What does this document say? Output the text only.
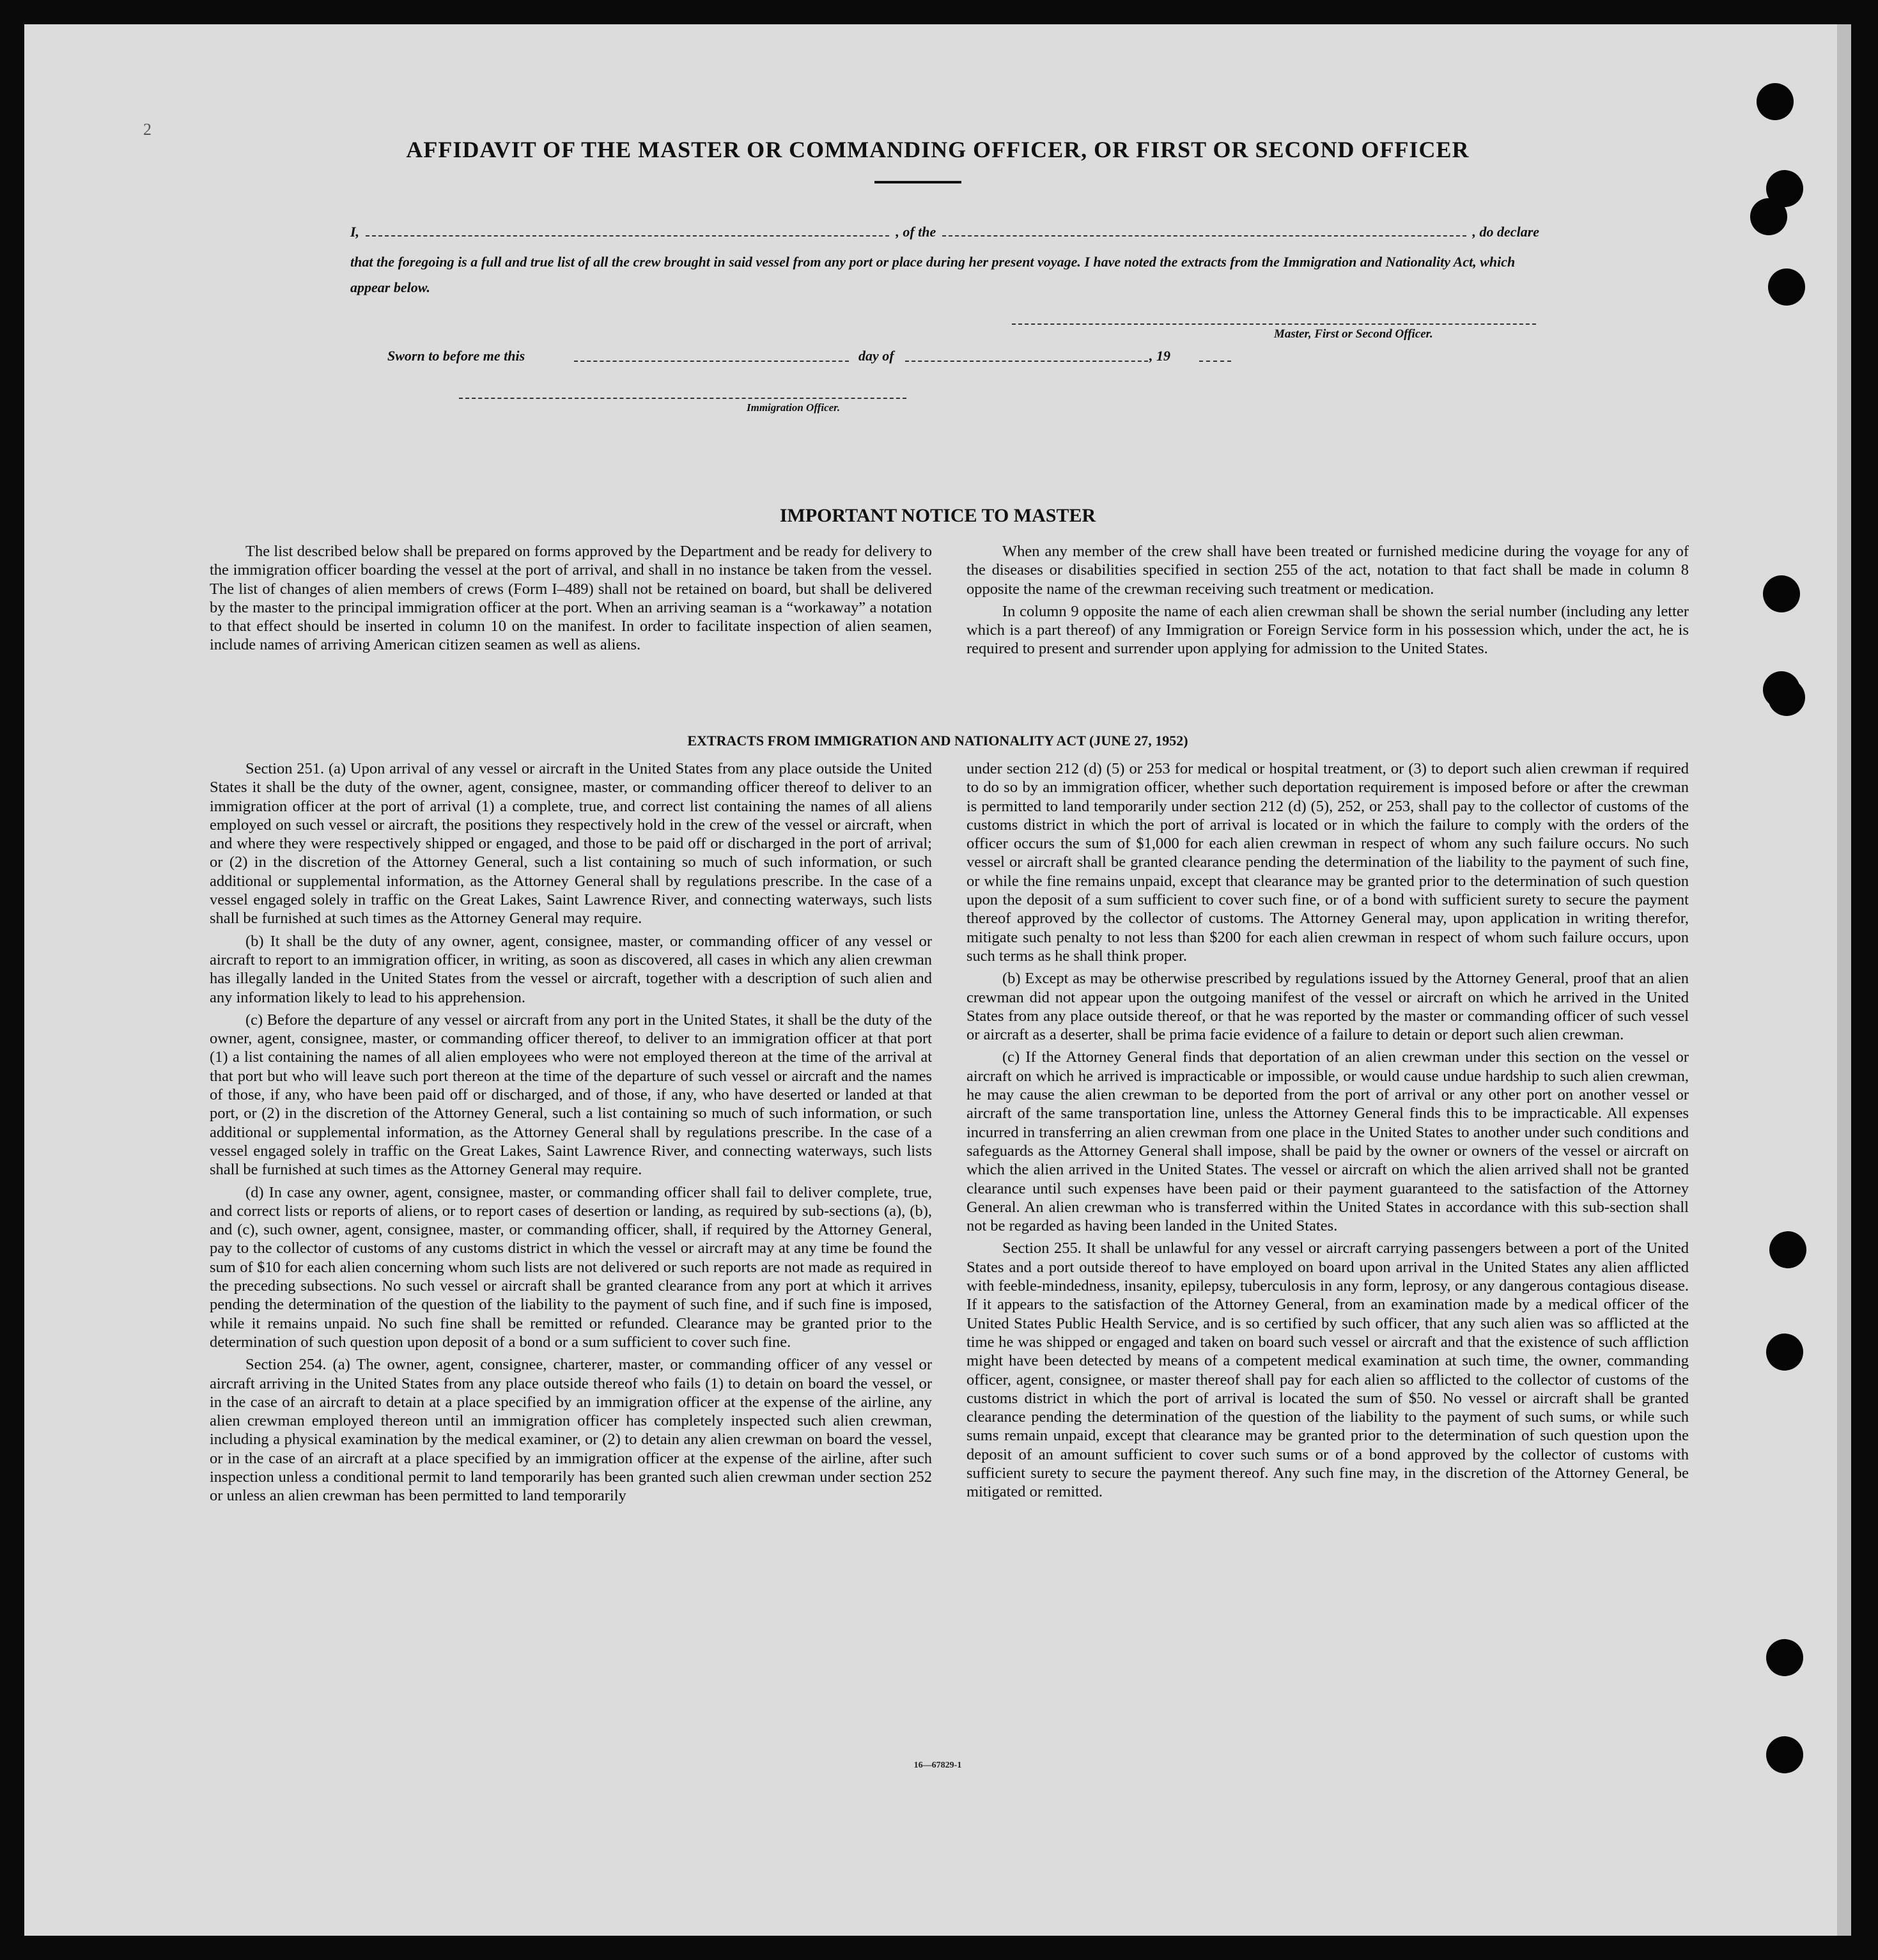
2
AFFIDAVIT OF THE MASTER OR COMMANDING OFFICER, OR FIRST OR SECOND OFFICER
I,	, of the	, do declare

that the foregoing is a full and true list of all the crew brought in said vessel from any port or place during her present voyage. I have noted the extracts from the Immigration and Nationality Act, which appear below.

Master, First or Second Officer.
Sworn to before me this	day of	, 19
Immigration Officer.
IMPORTANT NOTICE TO MASTER

The list described below shall be prepared on forms approved by the Department and be ready for delivery to the immigration officer boarding the vessel at the port of arrival, and shall in no instance be taken from the vessel. The list of changes of alien members of crews (Form I–489) shall not be retained on board, but shall be delivered by the master to the principal immigration officer at the port. When an arriving seaman is a “workaway” a notation to that effect should be inserted in column 10 on the manifest. In order to facilitate inspection of alien seamen, include names of arriving American citizen seamen as well as aliens.

When any member of the crew shall have been treated or furnished medicine during the voyage for any of the diseases or disabilities specified in section 255 of the act, notation to that fact shall be made in column 8 opposite the name of the crewman receiving such treatment or medication.

In column 9 opposite the name of each alien crewman shall be shown the serial number (including any letter which is a part thereof) of any Immigration or Foreign Service form in his possession which, under the act, he is required to present and surrender upon applying for admission to the United States.

EXTRACTS FROM IMMIGRATION AND NATIONALITY ACT (JUNE 27, 1952)

Section 251. (a) Upon arrival of any vessel or aircraft in the United States from any place outside the United States it shall be the duty of the owner, agent, consignee, master, or commanding officer thereof to deliver to an immigration officer at the port of arrival (1) a complete, true, and correct list containing the names of all aliens employed on such vessel or aircraft, the positions they respectively hold in the crew of the vessel or aircraft, when and where they were respectively shipped or engaged, and those to be paid off or discharged in the port of arrival; or (2) in the discretion of the Attorney General, such a list containing so much of such information, or such additional or supplemental information, as the Attorney General shall by regulations prescribe. In the case of a vessel engaged solely in traffic on the Great Lakes, Saint Lawrence River, and connecting waterways, such lists shall be furnished at such times as the Attorney General may require.

(b) It shall be the duty of any owner, agent, consignee, master, or commanding officer of any vessel or aircraft to report to an immigration officer, in writing, as soon as discovered, all cases in which any alien crewman has illegally landed in the United States from the vessel or aircraft, together with a description of such alien and any information likely to lead to his apprehension.

(c) Before the departure of any vessel or aircraft from any port in the United States, it shall be the duty of the owner, agent, consignee, master, or commanding officer thereof, to deliver to an immigration officer at that port (1) a list containing the names of all alien employees who were not employed thereon at the time of the arrival at that port but who will leave such port thereon at the time of the departure of such vessel or aircraft and the names of those, if any, who have been paid off or discharged, and of those, if any, who have deserted or landed at that port, or (2) in the discretion of the Attorney General, such a list containing so much of such information, or such additional or supplemental information, as the Attorney General shall by regulations prescribe. In the case of a vessel engaged solely in traffic on the Great Lakes, Saint Lawrence River, and connecting waterways, such lists shall be furnished at such times as the Attorney General may require.

(d) In case any owner, agent, consignee, master, or commanding officer shall fail to deliver complete, true, and correct lists or reports of aliens, or to report cases of desertion or landing, as required by sub-sections (a), (b), and (c), such owner, agent, consignee, master, or commanding officer, shall, if required by the Attorney General, pay to the collector of customs of any customs district in which the vessel or aircraft may at any time be found the sum of $10 for each alien concerning whom such lists are not delivered or such reports are not made as required in the preceding subsections. No such vessel or aircraft shall be granted clearance from any port at which it arrives pending the determination of the question of the liability to the payment of such fine, and if such fine is imposed, while it remains unpaid. No such fine shall be remitted or refunded. Clearance may be granted prior to the determination of such question upon deposit of a bond or a sum sufficient to cover such fine.

Section 254. (a) The owner, agent, consignee, charterer, master, or commanding officer of any vessel or aircraft arriving in the United States from any place outside thereof who fails (1) to detain on board the vessel, or in the case of an aircraft to detain at a place specified by an immigration officer at the expense of the airline, any alien crewman employed thereon until an immigration officer has completely inspected such alien crewman, including a physical examination by the medical examiner, or (2) to detain any alien crewman on board the vessel, or in the case of an aircraft at a place specified by an immigration officer at the expense of the airline, after such inspection unless a conditional permit to land temporarily has been granted such alien crewman under section 252 or unless an alien crewman has been permitted to land temporarily

under section 212 (d) (5) or 253 for medical or hospital treatment, or (3) to deport such alien crewman if required to do so by an immigration officer, whether such deportation requirement is imposed before or after the crewman is permitted to land temporarily under section 212 (d) (5), 252, or 253, shall pay to the collector of customs of the customs district in which the port of arrival is located or in which the failure to comply with the orders of the officer occurs the sum of $1,000 for each alien crewman in respect of whom any such failure occurs. No such vessel or aircraft shall be granted clearance pending the determination of the liability to the payment of such fine, or while the fine remains unpaid, except that clearance may be granted prior to the determination of such question upon the deposit of a sum sufficient to cover such fine, or of a bond with sufficient surety to secure the payment thereof approved by the collector of customs. The Attorney General may, upon application in writing therefor, mitigate such penalty to not less than $200 for each alien crewman in respect of whom such failure occurs, upon such terms as he shall think proper.

(b) Except as may be otherwise prescribed by regulations issued by the Attorney General, proof that an alien crewman did not appear upon the outgoing manifest of the vessel or aircraft on which he arrived in the United States from any place outside thereof, or that he was reported by the master or commanding officer of such vessel or aircraft as a deserter, shall be prima facie evidence of a failure to detain or deport such alien crewman.

(c) If the Attorney General finds that deportation of an alien crewman under this section on the vessel or aircraft on which he arrived is impracticable or impossible, or would cause undue hardship to such alien crewman, he may cause the alien crewman to be deported from the port of arrival or any other port on another vessel or aircraft of the same transportation line, unless the Attorney General finds this to be impracticable. All expenses incurred in transferring an alien crewman from one place in the United States to another under such conditions and safeguards as the Attorney General shall impose, shall be paid by the owner or owners of the vessel or aircraft on which the alien arrived in the United States. The vessel or aircraft on which the alien arrived shall not be granted clearance until such expenses have been paid or their payment guaranteed to the satisfaction of the Attorney General. An alien crewman who is transferred within the United States in accordance with this sub-section shall not be regarded as having been landed in the United States.

Section 255. It shall be unlawful for any vessel or aircraft carrying passengers between a port of the United States and a port outside thereof to have employed on board upon arrival in the United States any alien afflicted with feeble-mindedness, insanity, epilepsy, tuberculosis in any form, leprosy, or any dangerous contagious disease. If it appears to the satisfaction of the Attorney General, from an examination made by a medical officer of the United States Public Health Service, and is so certified by such officer, that any such alien was so afflicted at the time he was shipped or engaged and taken on board such vessel or aircraft and that the existence of such affliction might have been detected by means of a competent medical examination at such time, the owner, commanding officer, agent, consignee, or master thereof shall pay for each alien so afflicted to the collector of customs of the customs district in which the port of arrival is located the sum of $50. No vessel or aircraft shall be granted clearance pending the determination of the question of the liability to the payment of such sums, or while such sums remain unpaid, except that clearance may be granted prior to the determination of such question upon the deposit of an amount sufficient to cover such sums or of a bond approved by the collector of customs with sufficient surety to secure the payment thereof. Any such fine may, in the discretion of the Attorney General, be mitigated or remitted.

16—67829-1
